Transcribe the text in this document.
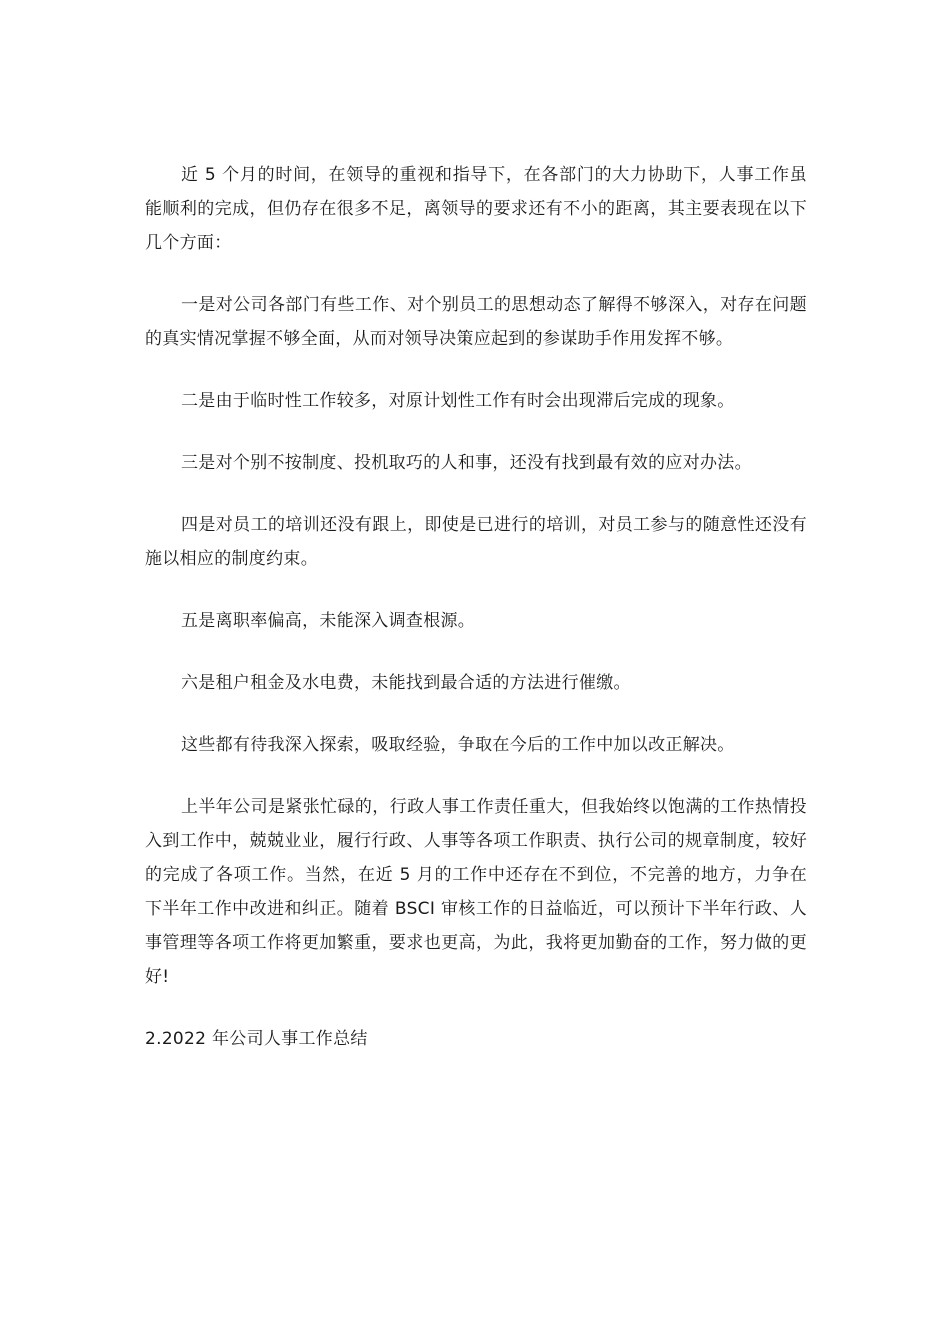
近 5 个月的时间，在领导的重视和指导下，在各部门的大力协助下，人事工作虽能顺利的完成，但仍存在很多不足，离领导的要求还有不小的距离，其主要表现在以下几个方面：

一是对公司各部门有些工作、对个别员工的思想动态了解得不够深入，对存在问题的真实情况掌握不够全面，从而对领导决策应起到的参谋助手作用发挥不够。

二是由于临时性工作较多，对原计划性工作有时会出现滞后完成的现象。

三是对个别不按制度、投机取巧的人和事，还没有找到最有效的应对办法。

四是对员工的培训还没有跟上，即使是已进行的培训，对员工参与的随意性还没有施以相应的制度约束。

五是离职率偏高，未能深入调查根源。

六是租户租金及水电费，未能找到最合适的方法进行催缴。

这些都有待我深入探索，吸取经验，争取在今后的工作中加以改正解决。

上半年公司是紧张忙碌的，行政人事工作责任重大，但我始终以饱满的工作热情投入到工作中，兢兢业业，履行行政、人事等各项工作职责、执行公司的规章制度，较好的完成了各项工作。当然，在近 5 月的工作中还存在不到位，不完善的地方，力争在下半年工作中改进和纠正。随着 BSCI 审核工作的日益临近，可以预计下半年行政、人事管理等各项工作将更加繁重，要求也更高，为此，我将更加勤奋的工作，努力做的更好!

2.2022 年公司人事工作总结
